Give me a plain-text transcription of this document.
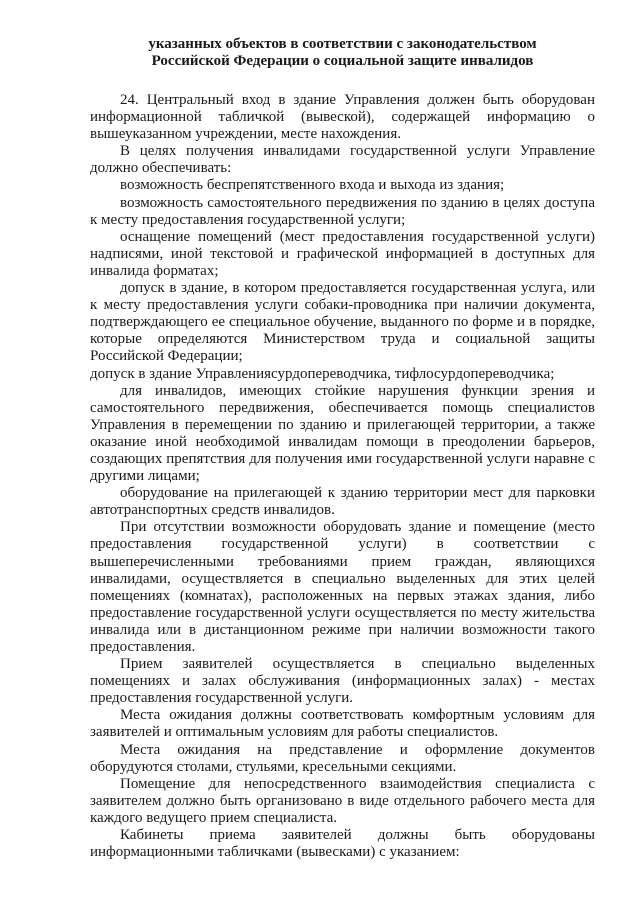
указанных объектов в соответствии с законодательством
Российской Федерации о социальной защите инвалидов

24. Центральный вход в здание Управления должен быть оборудован информационной табличкой (вывеской), содержащей информацию о вышеуказанном учреждении, месте нахождения.

В целях получения инвалидами государственной услуги Управление должно обеспечивать:

возможность беспрепятственного входа и выхода из здания;

возможность самостоятельного передвижения по зданию в целях доступа к месту предоставления государственной услуги;

оснащение помещений (мест предоставления государственной услуги) надписями, иной текстовой и графической информацией в доступных для инвалида форматах;

допуск в здание, в котором предоставляется государственная услуга, или к месту предоставления услуги собаки-проводника при наличии документа, подтверждающего ее специальное обучение, выданного по форме и в порядке, которые определяются Министерством труда и социальной защиты Российской Федерации;

допуск в здание Управлениясурдопереводчика, тифлосурдопереводчика;

для инвалидов, имеющих стойкие нарушения функции зрения и самостоятельного передвижения, обеспечивается помощь специалистов Управления в перемещении по зданию и прилегающей территории, а также оказание иной необходимой инвалидам помощи в преодолении барьеров, создающих препятствия для получения ими государственной услуги наравне с другими лицами;

оборудование на прилегающей к зданию территории мест для парковки автотранспортных средств инвалидов.

При отсутствии возможности оборудовать здание и помещение (место предоставления государственной услуги) в соответствии с вышеперечисленными требованиями прием граждан, являющихся инвалидами, осуществляется в специально выделенных для этих целей помещениях (комнатах), расположенных на первых этажах здания, либо предоставление государственной услуги осуществляется по месту жительства инвалида или в дистанционном режиме при наличии возможности такого предоставления.

Прием заявителей осуществляется в специально выделенных помещениях и залах обслуживания (информационных залах) - местах предоставления государственной услуги.

Места ожидания должны соответствовать комфортным условиям для заявителей и оптимальным условиям для работы специалистов.

Места ожидания на представление и оформление документов оборудуются столами, стульями, кресельными секциями.

Помещение для непосредственного взаимодействия специалиста с заявителем должно быть организовано в виде отдельного рабочего места для каждого ведущего прием специалиста.

Кабинеты приема заявителей должны быть оборудованы информационными табличками (вывесками) с указанием:
